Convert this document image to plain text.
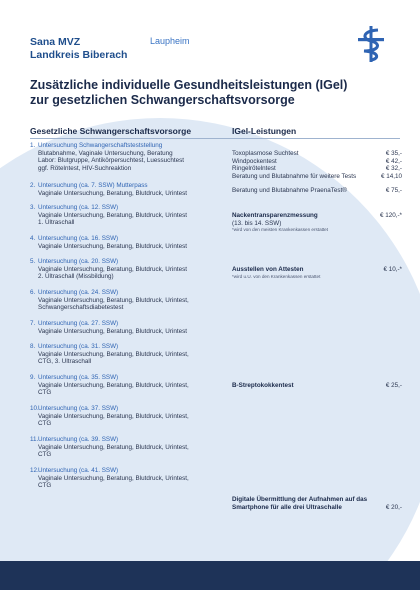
Sana MVZ
Landkreis Biberach
Laupheim
Zusätzliche individuelle Gesundheitsleistungen (IGel)
zur gesetzlichen Schwangerschaftsvorsorge
Gesetzliche Schwangerschaftsvorsorge	IGel-Leistungen
1. Untersuchung Schwangerschaftsteststellung
Blutabnahme, Vaginale Untersuchung, Beratung
Labor: Blutgruppe, Antikörpersuchtest, Luessuchtest
ggf. Rötelntest, HIV-Suchreaktion
2. Untersuchung (ca. 7. SSW) Mutterpass
Vaginale Untersuchung, Beratung, Blutdruck, Urintest
3. Untersuchung (ca. 12. SSW)
Vaginale Untersuchung, Beratung, Blutdruck, Urintest
1. Ultraschall
4. Untersuchung (ca. 16. SSW)
Vaginale Untersuchung, Beratung, Blutdruck, Urintest
5. Untersuchung (ca. 20. SSW)
Vaginale Untersuchung, Beratung, Blutdruck, Urintest
2. Ultraschall (Missbildung)
6. Untersuchung (ca. 24. SSW)
Vaginale Untersuchung, Beratung, Blutdruck, Urintest,
Schwangerschaftsdiabetestest
7. Untersuchung (ca. 27. SSW)
Vaginale Untersuchung, Beratung, Blutdruck, Urintest
8. Untersuchung (ca. 31. SSW)
Vaginale Untersuchung, Beratung, Blutdruck, Urintest,
CTG, 3. Ultraschall
9. Untersuchung (ca. 35. SSW)
Vaginale Untersuchung, Beratung, Blutdruck, Urintest,
CTG
10.Untersuchung (ca. 37. SSW)
Vaginale Untersuchung, Beratung, Blutdruck, Urintest,
CTG
11.Untersuchung (ca. 39. SSW)
Vaginale Untersuchung, Beratung, Blutdruck, Urintest,
CTG
12.Untersuchung (ca. 41. SSW)
Vaginale Untersuchung, Beratung, Blutdruck, Urintest,
CTG
Toxoplasmose Suchtest	€ 35,-
Windpockentest	€ 42,-
Ringelrötelntest	€ 32,-
Beratung und Blutabnahme für weitere Tests	€ 14,10
Beratung und Blutabnahme PraenaTest®	€ 75,-
Nackentransparenzmessung	€ 120,-*
(13. bis 14. SSW)
*wird von den meisten Krankenkassen erstattet
Ausstellen von Attesten	€ 10,-*
*wird u.U. von den Krankenkassen erstattet
B-Streptokokkentest	€ 25,-
Digitale Übermittlung der Aufnahmen auf das
Smartphone für alle drei Ultraschalle	€ 20,-
